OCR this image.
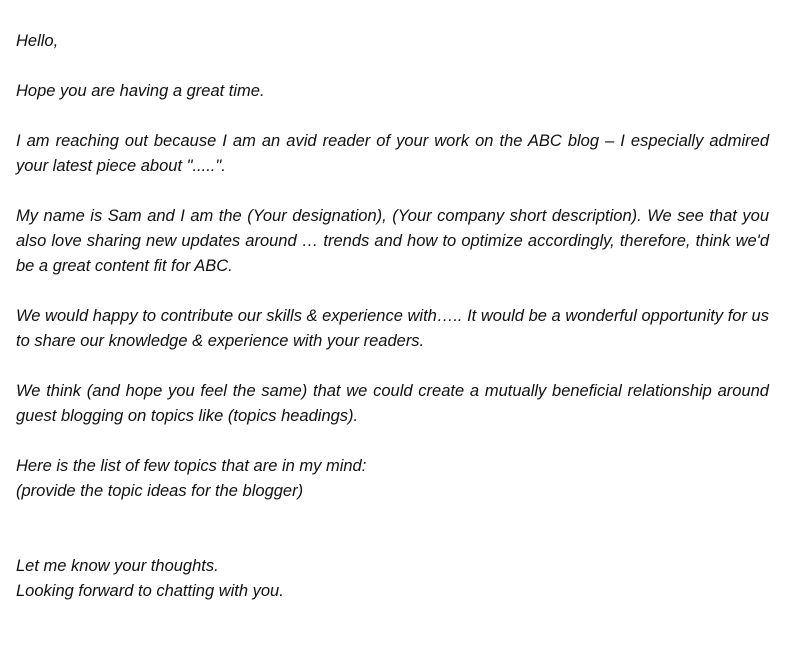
Hello,

Hope you are having a great time.

I am reaching out because I am an avid reader of your work on the ABC blog – I especially admired your latest piece about ".....".

My name is Sam and I am the (Your designation), (Your company short description). We see that you also love sharing new updates around … trends and how to optimize accordingly, therefore, think we'd be a great content fit for ABC.

We would happy to contribute our skills & experience with….. It would be a wonderful opportunity for us to share our knowledge & experience with your readers.

We think (and hope you feel the same) that we could create a mutually beneficial relationship around guest blogging on topics like (topics headings).

Here is the list of few topics that are in my mind:
(provide the topic ideas for the blogger)

Let me know your thoughts.
Looking forward to chatting with you.
